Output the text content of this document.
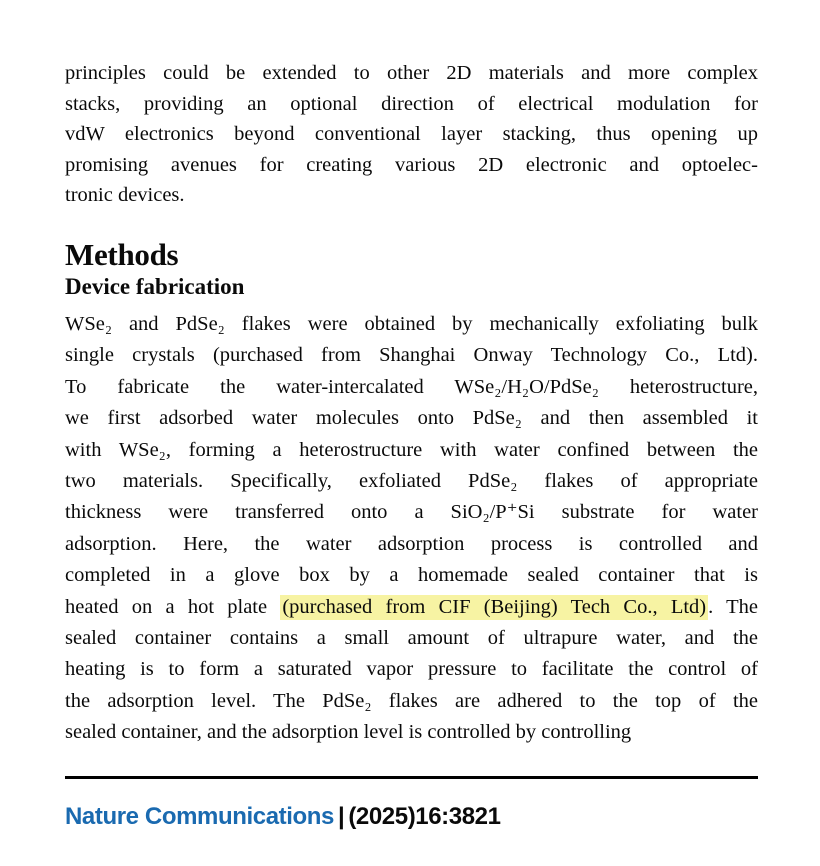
principles could be extended to other 2D materials and more complex
stacks, providing an optional direction of electrical modulation for
vdW electronics beyond conventional layer stacking, thus opening up
promising avenues for creating various 2D electronic and optoelec-
tronic devices.
Methods
Device fabrication
WSe₂ and PdSe₂ flakes were obtained by mechanically exfoliating bulk
single crystals (purchased from Shanghai Onway Technology Co., Ltd).
To fabricate the water-intercalated WSe₂/H₂O/PdSe₂ heterostructure,
we first adsorbed water molecules onto PdSe₂ and then assembled it
with WSe₂, forming a heterostructure with water confined between the
two materials. Specifically, exfoliated PdSe₂ flakes of appropriate
thickness were transferred onto a SiO₂/P⁺Si substrate for water
adsorption. Here, the water adsorption process is controlled and
completed in a glove box by a homemade sealed container that is
heated on a hot plate (purchased from CIF (Beijing) Tech Co., Ltd). The
sealed container contains a small amount of ultrapure water, and the
heating is to form a saturated vapor pressure to facilitate the control of
the adsorption level. The PdSe₂ flakes are adhered to the top of the
sealed container, and the adsorption level is controlled by controlling
Nature Communications | (2025)16:3821
